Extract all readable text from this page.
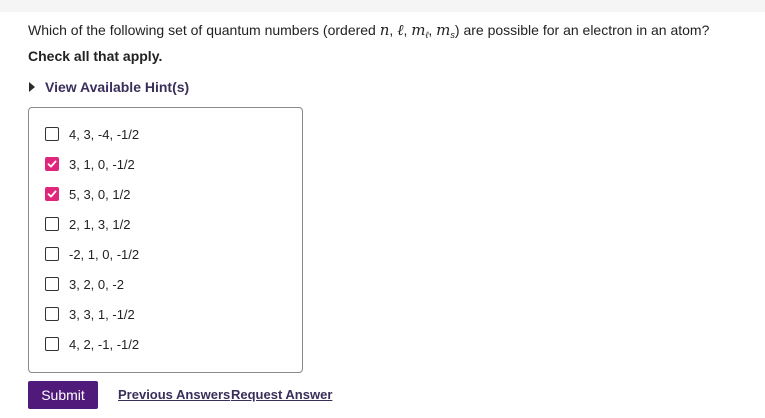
Which of the following set of quantum numbers (ordered n, ℓ, $m_\ell$, $m_s$) are possible for an electron in an atom?
Check all that apply.
View Available Hint(s)
4, 3, -4, -1/2
3, 1, 0, -1/2
5, 3, 0, 1/2
2, 1, 3, 1/2
-2, 1, 0, -1/2
3, 2, 0, -2
3, 3, 1, -1/2
4, 2, -1, -1/2
Submit	Previous Answers Request Answer
